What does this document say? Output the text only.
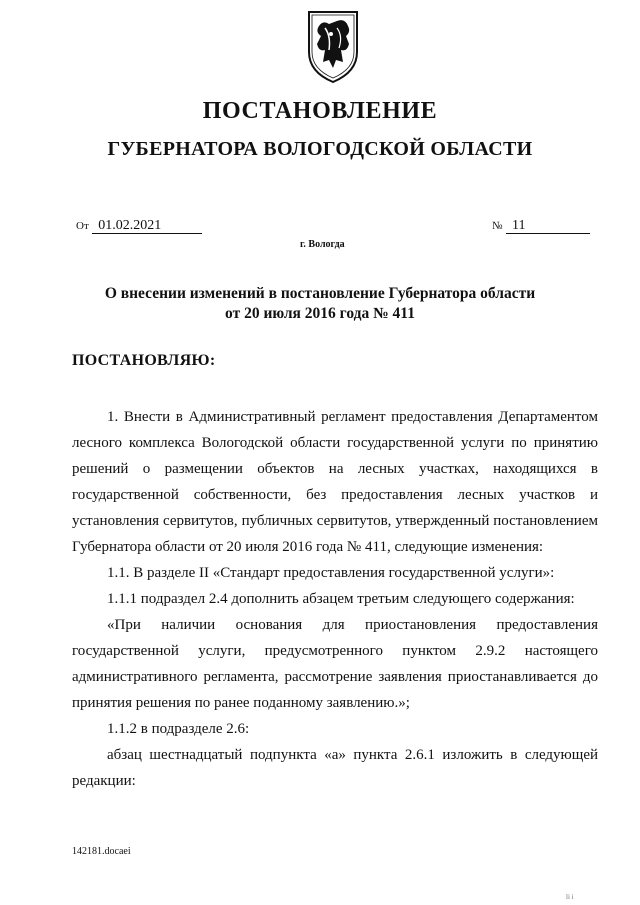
ПОСТАНОВЛЕНИЕ
ГУБЕРНАТОРА ВОЛОГОДСКОЙ ОБЛАСТИ
От 01.02.2021	№ 11
г. Вологда
О внесении изменений в постановление Губернатора области
от 20 июля 2016 года № 411
ПОСТАНОВЛЯЮ:

1. Внести в Административный регламент предоставления Департаментом лесного комплекса Вологодской области государственной услуги по принятию решений о размещении объектов на лесных участках, находящихся в государственной собственности, без предоставления лесных участков и установления сервитутов, публичных сервитутов, утвержденный постановлением Губернатора области от 20 июля 2016 года № 411, следующие изменения:

1.1. В разделе II «Стандарт предоставления государственной услуги»:

1.1.1 подраздел 2.4 дополнить абзацем третьим следующего содержания:

«При наличии основания для приостановления предоставления государственной услуги, предусмотренного пунктом 2.9.2 настоящего административного регламента, рассмотрение заявления приостанавливается до принятия решения по ранее поданному заявлению.»;

1.1.2 в подразделе 2.6:

абзац шестнадцатый подпункта «а» пункта 2.6.1 изложить в следующей редакции:

142181.docaei
li i
